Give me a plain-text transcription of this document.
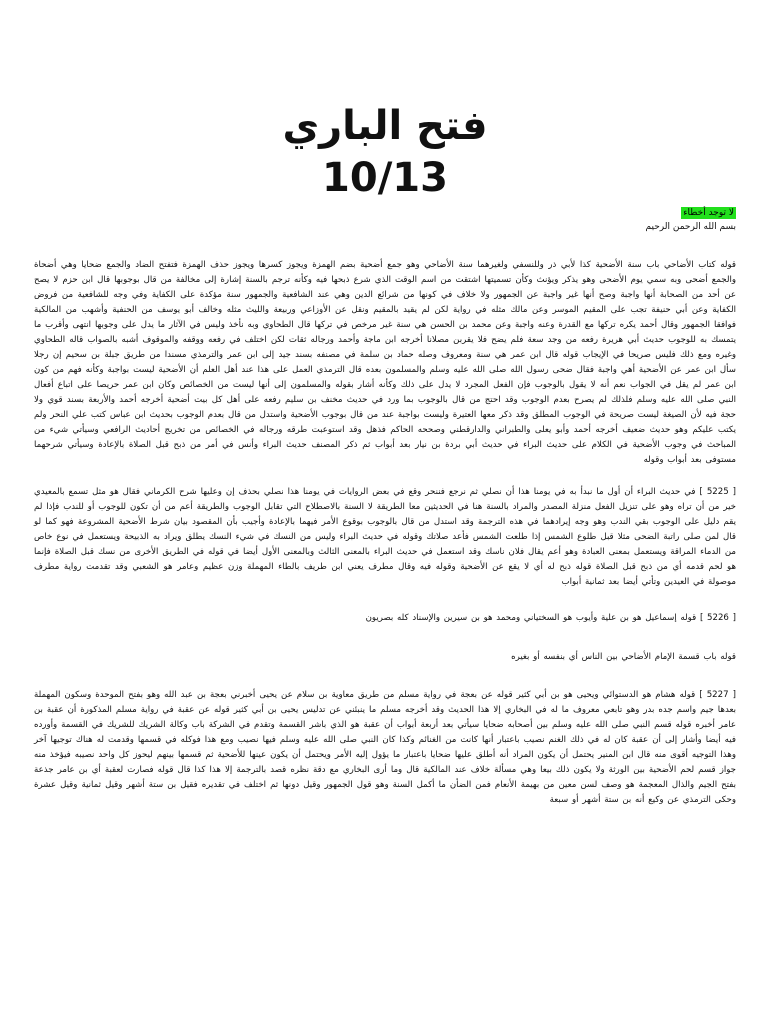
فتح الباري
10/13
لا توجد أخطاء

بسم الله الرحمن الرحيم

قوله كتاب الأضاحي باب سنة الأضحية كذا لأبي ذر وللنسفي ولغيرهما سنة الأضاحي وهو جمع أضحية بضم الهمزة ويجوز كسرها ويجوز حذف الهمزة فتفتح الضاد والجمع ضحايا وهي أضحاة والجمع أضحى وبه سمي يوم الأضحى وهو يذكر ويؤنث وكأن تسميتها اشتقت من اسم الوقت الذي شرع ذبحها فيه وكأنه ترجم بالسنة إشارة إلى مخالفة من قال بوجوبها قال ابن حزم لا يصح عن أحد من الصحابة أنها واجبة وصح أنها غير واجبة عن الجمهور ولا خلاف في كونها من شرائع الدين وهي عند الشافعية والجمهور سنة مؤكدة على الكفاية وفي وجه للشافعية من فروض الكفاية وعن أبي حنيفة تجب على المقيم الموسر وعن مالك مثله في رواية لكن لم يقيد بالمقيم ونقل عن الأوزاعي وربيعة والليث مثله وخالف أبو يوسف من الحنفية وأشهب من المالكية فوافقا الجمهور وقال أحمد يكره تركها مع القدرة وعنه واجبة وعن محمد بن الحسن هي سنة غير مرخص في تركها قال الطحاوي وبه نأخذ وليس في الآثار ما يدل على وجوبها انتهى وأقرب ما يتمسك به للوجوب حديث أبي هريرة رفعه من وجد سعة فلم يضح فلا يقربن مصلانا أخرجه ابن ماجة وأحمد ورجاله ثقات لكن اختلف في رفعه ووقفه والموقوف أشبه بالصواب قاله الطحاوي وغيره ومع ذلك فليس صريحا في الإيجاب قوله قال ابن عمر هي سنة ومعروف وصله حماد بن سلمة في مصنفه بسند جيد إلى ابن عمر والترمذي مسندا من طريق جبلة بن سحيم إن رجلا سأل ابن عمر عن الأضحية أهي واجبة فقال ضحى رسول الله صلى الله عليه وسلم والمسلمون بعده قال الترمذي العمل على هذا عند أهل العلم أن الأضحية ليست بواجبة وكأنه فهم من كون ابن عمر لم يقل في الجواب نعم أنه لا يقول بالوجوب فإن الفعل المجرد لا يدل على ذلك وكأنه أشار بقوله والمسلمون إلى أنها ليست من الخصائص وكان ابن عمر حريصا على اتباع أفعال النبي صلى الله عليه وسلم فلذلك لم يصرح بعدم الوجوب وقد احتج من قال بالوجوب بما ورد في حديث مخنف بن سليم رفعه على أهل كل بيت أضحية أخرجه أحمد والأربعة بسند قوي ولا حجة فيه لأن الصيغة ليست صريحة في الوجوب المطلق وقد ذكر معها العتيرة وليست بواجبة عند من قال بوجوب الأضحية واستدل من قال بعدم الوجوب بحديث ابن عباس كتب علي النحر ولم يكتب عليكم وهو حديث ضعيف أخرجه أحمد وأبو يعلى والطبراني والدارقطني وصححه الحاكم فذهل وقد استوعبت طرقه ورجاله في الخصائص من تخريج أحاديث الرافعي وسيأتي شيء من المباحث في وجوب الأضحية في الكلام على حديث البراء في حديث أبي بردة بن نيار بعد أبواب ثم ذكر المصنف حديث البراء وأنس في أمر من ذبح قبل الصلاة بالإعادة وسيأتي شرحهما مستوفى بعد أبواب وقوله

[ 5225 ] في حديث البراء أن أول ما نبدأ به في يومنا هذا أن نصلي ثم نرجع فننحر وقع في بعض الروايات في يومنا هذا نصلي بحذف إن وعليها شرح الكرماني فقال هو مثل تسمع بالمعيدي خير من أن تراه وهو على تنزيل الفعل منزلة المصدر والمراد بالسنة هنا في الحديثين معا الطريقة لا السنة بالاصطلاح التي تقابل الوجوب والطريقة أعم من أن تكون للوجوب أو للندب فإذا لم يقم دليل على الوجوب بقي الندب وهو وجه إيرادهما في هذه الترجمة وقد استدل من قال بالوجوب بوقوع الأمر فيهما بالإعادة وأجيب بأن المقصود بيان شرط الأضحية المشروعة فهو كما لو قال لمن صلى راتبة الضحى مثلا قبل طلوع الشمس إذا طلعت الشمس فأعد صلاتك وقوله في حديث البراء وليس من النسك في شيء النسك يطلق ويراد به الذبيحة ويستعمل في نوع خاص من الدماء المراقة ويستعمل بمعنى العبادة وهو أعم يقال فلان ناسك وقد استعمل في حديث البراء بالمعنى الثالث وبالمعنى الأول أيضا في قوله في الطريق الأخرى من نسك قبل الصلاة فإنما هو لحم قدمه أي من ذبح قبل الصلاة قوله ذبح له أي لا يقع عن الأضحية وقوله فيه وقال مطرف يعني ابن طريف بالطاء المهملة وزن عظيم وعامر هو الشعبي وقد تقدمت رواية مطرف موصولة في العيدين وتأتي أيضا بعد ثمانية أبواب

[ 5226 ] قوله إسماعيل هو بن علية وأيوب هو السختياني ومحمد هو بن سيرين والإسناد كله بصريون

قوله باب قسمة الإمام الأضاحي بين الناس أي بنفسه أو بغيره

[ 5227 ] قوله هشام هو الدستوائي ويحيى هو بن أبي كثير قوله عن بعجة في رواية مسلم من طريق معاوية بن سلام عن يحيى أخبرني بعجة بن عبد الله وهو بفتح الموحدة وسكون المهملة بعدها جيم واسم جده بدر وهو تابعي معروف ما له في البخاري إلا هذا الحديث وقد أخرجه مسلم ما ينبئني عن تدليس يحيى بن أبي كثير قوله عن عقبة في رواية مسلم المذكورة أن عقبة بن عامر أخبره قوله قسم النبي صلى الله عليه وسلم بين أصحابه ضحايا سيأتي بعد أربعة أبواب أن عقبة هو الذي باشر القسمة وتقدم في الشركة باب وكالة الشريك للشريك في القسمة وأورده فيه أيضا وأشار إلى أن عقبة كان له في ذلك الغنم نصيب باعتبار أنها كانت من الغنائم وكذا كان النبي صلى الله عليه وسلم فيها نصيب ومع هذا فوكله في قسمها وقدمت له هناك توجيها آخر وهذا التوجيه أقوى منه قال ابن المنير يحتمل أن يكون المراد أنه أطلق عليها ضحايا باعتبار ما يؤول إليه الأمر ويحتمل أن يكون عينها للأضحية ثم قسمها بينهم ليحوز كل واحد نصيبه فيؤخذ منه جواز قسم لحم الأضحية بين الورثة ولا يكون ذلك بيعا وهي مسألة خلاف عند المالكية قال وما أرى البخاري مع دقة نظره قصد بالترجمة إلا هذا كذا قال قوله فصارت لعقبة أي بن عامر جذعة بفتح الجيم والذال المعجمة هو وصف لسن معين من بهيمة الأنعام فمن الضأن ما أكمل السنة وهو قول الجمهور وقيل دونها ثم اختلف في تقديره فقيل بن ستة أشهر وقيل ثمانية وقيل عشرة وحكى الترمذي عن وكيع أنه بن ستة أشهر أو سبعة
